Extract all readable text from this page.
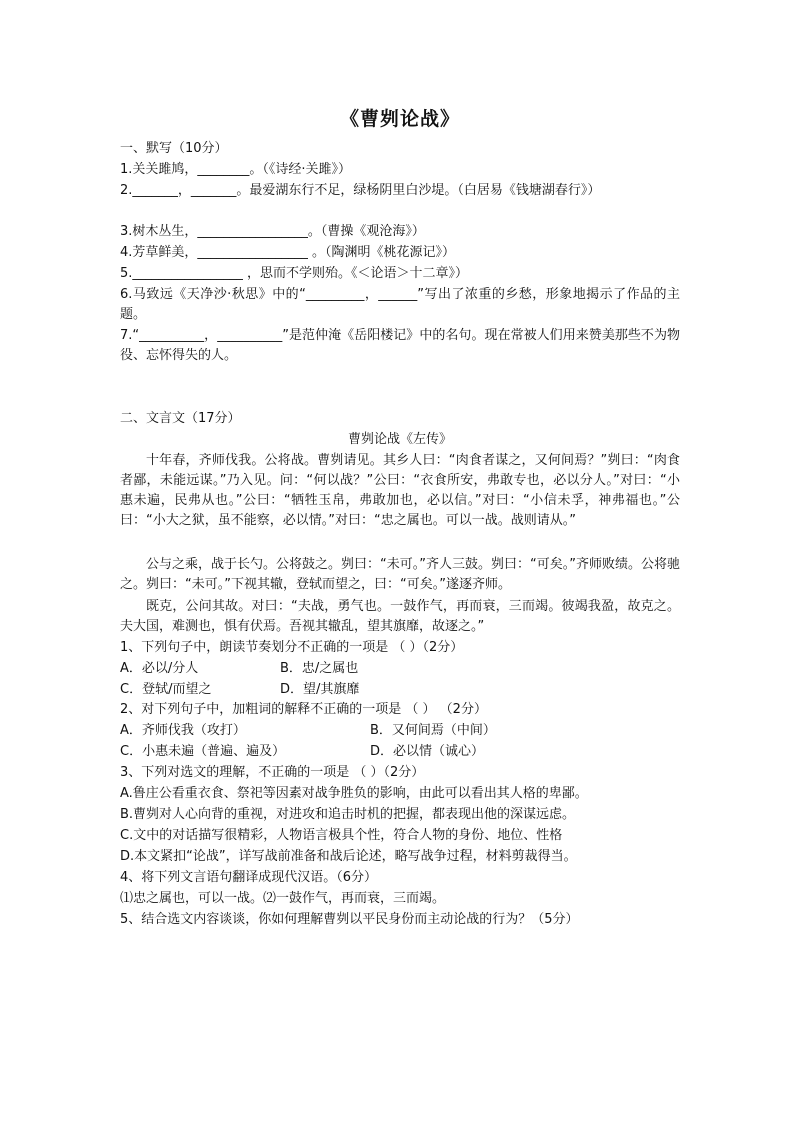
《曹刿论战》
一、默写（10分）
1.关关雎鸠，________。（《诗经·关雎》）
2._______，_______。最爱湖东行不足，绿杨阴里白沙堤。（白居易《钱塘湖春行》）
3.树木丛生，_________________。（曹操《观沧海》）
4.芳草鲜美，_________________ 。（陶渊明《桃花源记》）
5._________________ ，思而不学则殆。《＜论语＞十二章》）
6.马致远《天净沙·秋思》中的“_________，______”写出了浓重的乡愁，形象地揭示了作品的主题。
7.“__________，__________”是范仲淹《岳阳楼记》中的名句。现在常被人们用来赞美那些不为物役、忘怀得失的人。
二、文言文（17分）
曹刿论战《左传》
十年春，齐师伐我。公将战。曹刿请见。其乡人曰：“肉食者谋之，又何间焉？”刿曰：“肉食者鄙，未能远谋。”乃入见。问：“何以战？”公曰：“衣食所安，弗敢专也，必以分人。”对曰：“小惠未遍，民弗从也。”公曰：“牺牲玉帛，弗敢加也，必以信。”对曰：“小信未孚，神弗福也。”公曰：“小大之狱，虽不能察，必以情。”对曰：“忠之属也。可以一战。战则请从。”
公与之乘，战于长勺。公将鼓之。刿曰：“未可。”齐人三鼓。刿曰：“可矣。”齐师败绩。公将驰之。刿曰：“未可。”下视其辙，登轼而望之，曰：“可矣。”遂逐齐师。
既克，公问其故。对曰：“夫战，勇气也。一鼓作气，再而衰，三而竭。彼竭我盈，故克之。夫大国，难测也，惧有伏焉。吾视其辙乱，望其旗靡，故逐之。”
1、下列句子中，朗读节奏划分不正确的一项是 （ ）（2分）
A．必以/分人	B．忠/之属也
C．登轼/而望之	D．望/其旗靡
2、对下列句子中，加粗词的解释不正确的一项是 （ ） （2分）
A．齐师伐我（攻打）	B．又何间焉（中间）
C．小惠未遍（普遍、遍及）	D．必以情（诚心）
3、下列对选文的理解，不正确的一项是 （ ）（2分）
A.鲁庄公看重衣食、祭祀等因素对战争胜负的影响，由此可以看出其人格的卑鄙。
B.曹刿对人心向背的重视，对进攻和追击时机的把握，都表现出他的深谋远虑。
C.文中的对话描写很精彩，人物语言极具个性，符合人物的身份、地位、性格
D.本文紧扣“论战”，详写战前准备和战后论述，略写战争过程，材料剪裁得当。
4、将下列文言语句翻译成现代汉语。（6分）
⑴忠之属也，可以一战。⑵一鼓作气，再而衰，三而竭。
5、结合选文内容谈谈，你如何理解曹刿以平民身份而主动论战的行为？（5分）
